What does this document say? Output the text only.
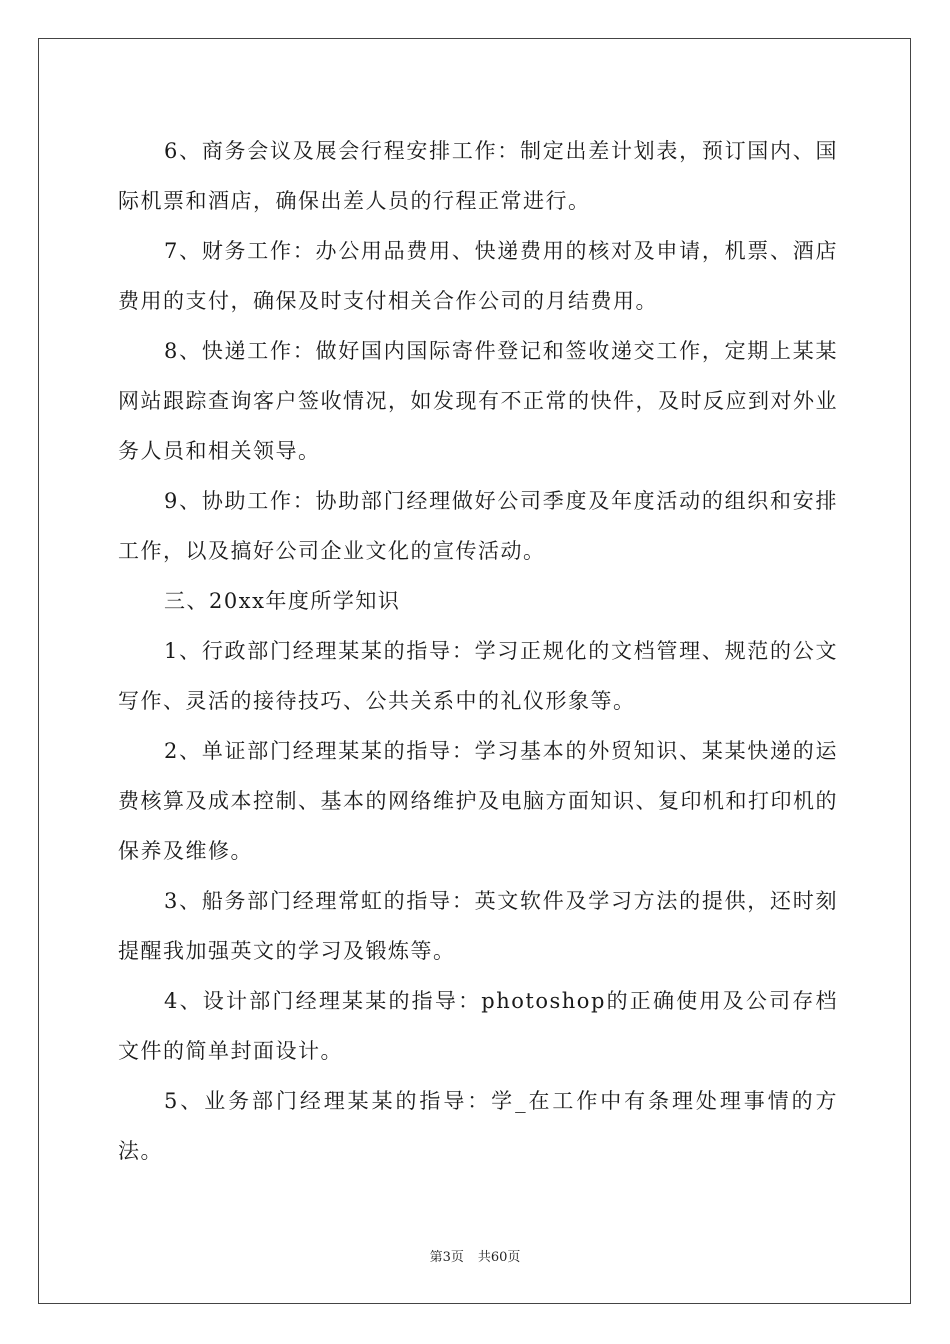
6、商务会议及展会行程安排工作：制定出差计划表，预订国内、国际机票和酒店，确保出差人员的行程正常进行。

7、财务工作：办公用品费用、快递费用的核对及申请，机票、酒店费用的支付，确保及时支付相关合作公司的月结费用。

8、快递工作：做好国内国际寄件登记和签收递交工作，定期上某某网站跟踪查询客户签收情况，如发现有不正常的快件，及时反应到对外业务人员和相关领导。

9、协助工作：协助部门经理做好公司季度及年度活动的组织和安排工作，以及搞好公司企业文化的宣传活动。

三、20xx年度所学知识

1、行政部门经理某某的指导：学习正规化的文档管理、规范的公文写作、灵活的接待技巧、公共关系中的礼仪形象等。

2、单证部门经理某某的指导：学习基本的外贸知识、某某快递的运费核算及成本控制、基本的网络维护及电脑方面知识、复印机和打印机的保养及维修。

3、船务部门经理常虹的指导：英文软件及学习方法的提供，还时刻提醒我加强英文的学习及锻炼等。

4、设计部门经理某某的指导：photoshop的正确使用及公司存档文件的简单封面设计。

5、业务部门经理某某的指导：学_在工作中有条理处理事情的方法。

第3页 共60页
